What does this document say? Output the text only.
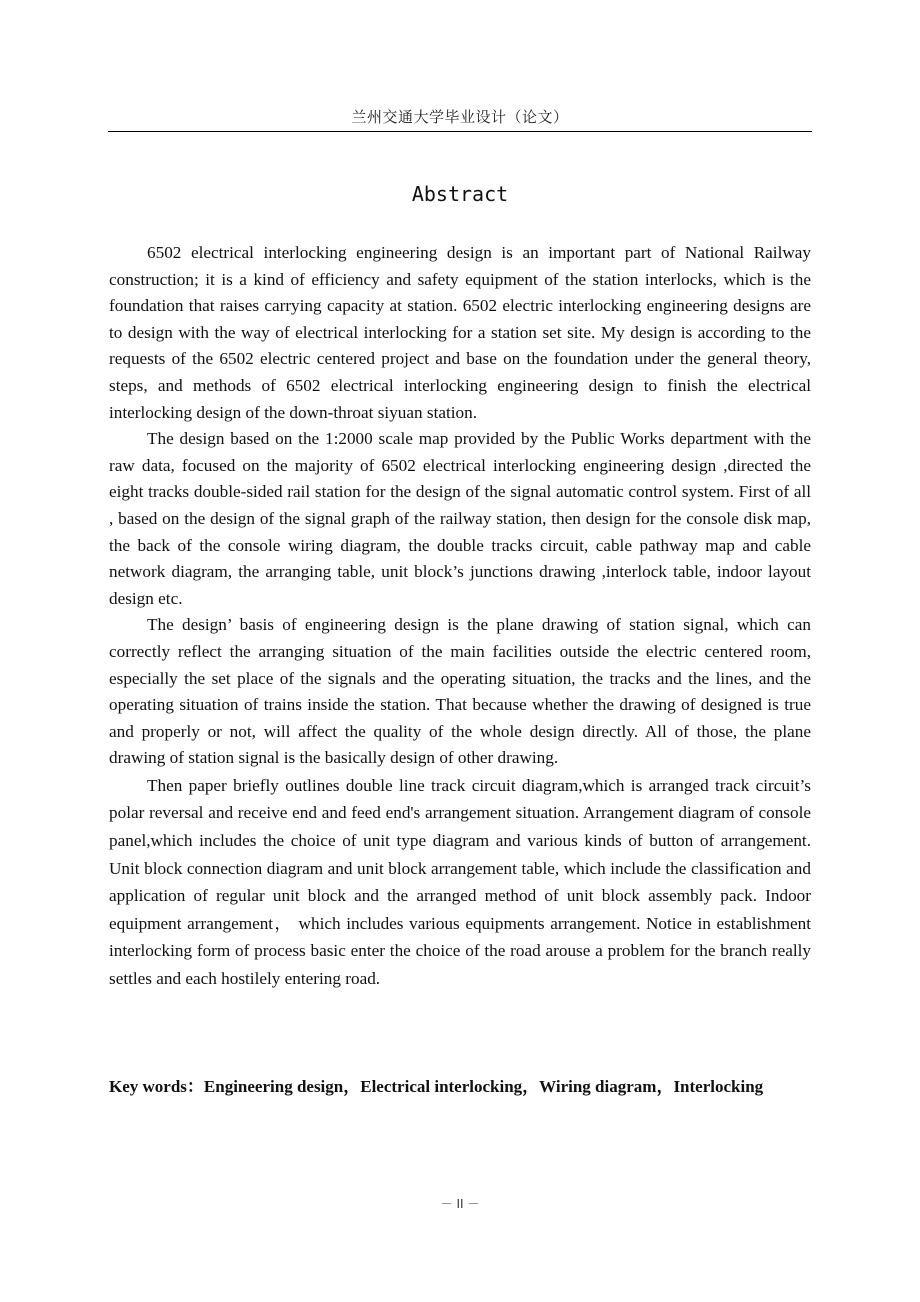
兰州交通大学毕业设计（论文）
Abstract

6502 electrical interlocking engineering design is an important part of National Railway construction; it is a kind of efficiency and safety equipment of the station interlocks, which is the foundation that raises carrying capacity at station. 6502 electric interlocking engineering designs are to design with the way of electrical interlocking for a station set site. My design is according to the requests of the 6502 electric centered project and base on the foundation under the general theory, steps, and methods of 6502 electrical interlocking engineering design to finish the electrical interlocking design of the down-throat siyuan station.

The design based on the 1:2000 scale map provided by the Public Works department with the raw data, focused on the majority of 6502 electrical interlocking engineering design ,directed the eight tracks double-sided rail station for the design of the signal automatic control system. First of all , based on the design of the signal graph of the railway station, then design for the console disk map, the back of the console wiring diagram, the double tracks circuit, cable pathway map and cable network diagram, the arranging table, unit block’s junctions drawing ,interlock table, indoor layout design etc.

The design’ basis of engineering design is the plane drawing of station signal, which can correctly reflect the arranging situation of the main facilities outside the electric centered room, especially the set place of the signals and the operating situation, the tracks and the lines, and the operating situation of trains inside the station. That because whether the drawing of designed is true and properly or not, will affect the quality of the whole design directly. All of those, the plane drawing of station signal is the basically design of other drawing.

Then paper briefly outlines double line track circuit diagram,which is arranged track circuit’s polar reversal and receive end and feed end's arrangement situation. Arrangement diagram of console panel,which includes the choice of unit type diagram and various kinds of button of arrangement. Unit block connection diagram and unit block arrangement table, which include the classification and application of regular unit block and the arranged method of unit block assembly pack. Indoor equipment arrangement， which includes various equipments arrangement. Notice in establishment interlocking form of process basic enter the choice of the road arouse a problem for the branch really settles and each hostilely entering road.

Key words：Engineering design，Electrical interlocking，Wiring diagram，Interlocking
－ II －
